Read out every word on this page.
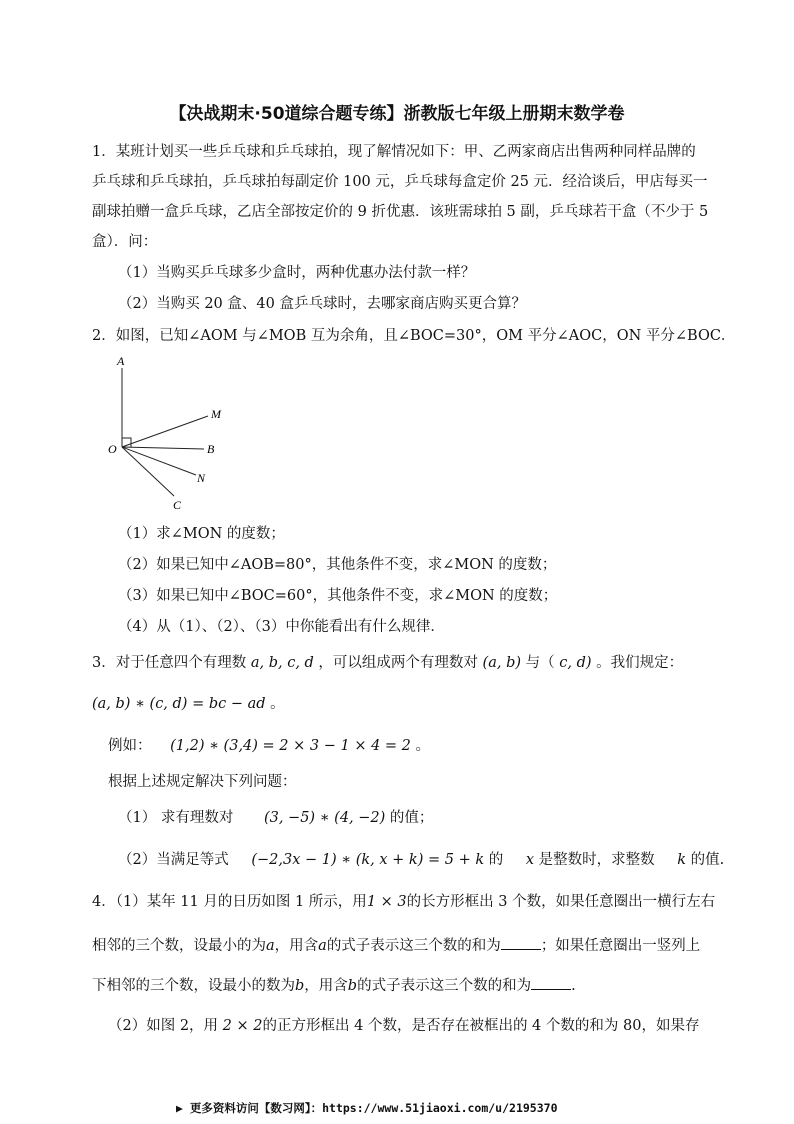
【决战期末·50道综合题专练】浙教版七年级上册期末数学卷
1．某班计划买一些乒乓球和乒乓球拍，现了解情况如下：甲、乙两家商店出售两种同样品牌的
乒乓球和乒乓球拍，乒乓球拍每副定价 100 元，乒乓球每盒定价 25 元．经洽谈后，甲店每买一
副球拍赠一盒乒乓球，乙店全部按定价的 9 折优惠．该班需球拍 5 副，乒乓球若干盒（不少于 5
盒）．问：
（1）当购买乒乓球多少盒时，两种优惠办法付款一样？
（2）当购买 20 盒、40 盒乒乓球时，去哪家商店购买更合算？
2．如图，已知∠AOM 与∠MOB 互为余角，且∠BOC=30°，OM 平分∠AOC，ON 平分∠BOC．
A
M
B
O
N
C
（1）求∠MON 的度数；
（2）如果已知中∠AOB=80°，其他条件不变，求∠MON 的度数；
（3）如果已知中∠BOC=60°，其他条件不变，求∠MON 的度数；
（4）从（1）、（2）、（3）中你能看出有什么规律．
3．对于任意四个有理数 a, b, c, d ，可以组成两个有理数对 (a, b) 与（ c, d) 。我们规定：
(a, b) ∗ (c, d) = bc − ad 。
例如： (1,2) ∗ (3,4) = 2 × 3 − 1 × 4 = 2 。
根据上述规定解决下列问题：
（1） 求有理数对 (3, −5) ∗ (4, −2) 的值；
（2）当满足等式 (−2,3x − 1) ∗ (k, x + k) = 5 + k 的 x 是整数时，求整数 k 的值.
4．（1）某年 11 月的日历如图 1 所示，用1 × 3的长方形框出 3 个数，如果任意圈出一横行左右
相邻的三个数，设最小的为a，用含a的式子表示这三个数的和为	；如果任意圈出一竖列上
下相邻的三个数，设最小的数为b，用含b的式子表示这三个数的和为	.
（2）如图 2，用 2 × 2的正方形框出 4 个数，是否存在被框出的 4 个数的和为 80，如果存
▶ 更多资料访问【数习网】：https://www.51jiaoxi.com/u/2195370
